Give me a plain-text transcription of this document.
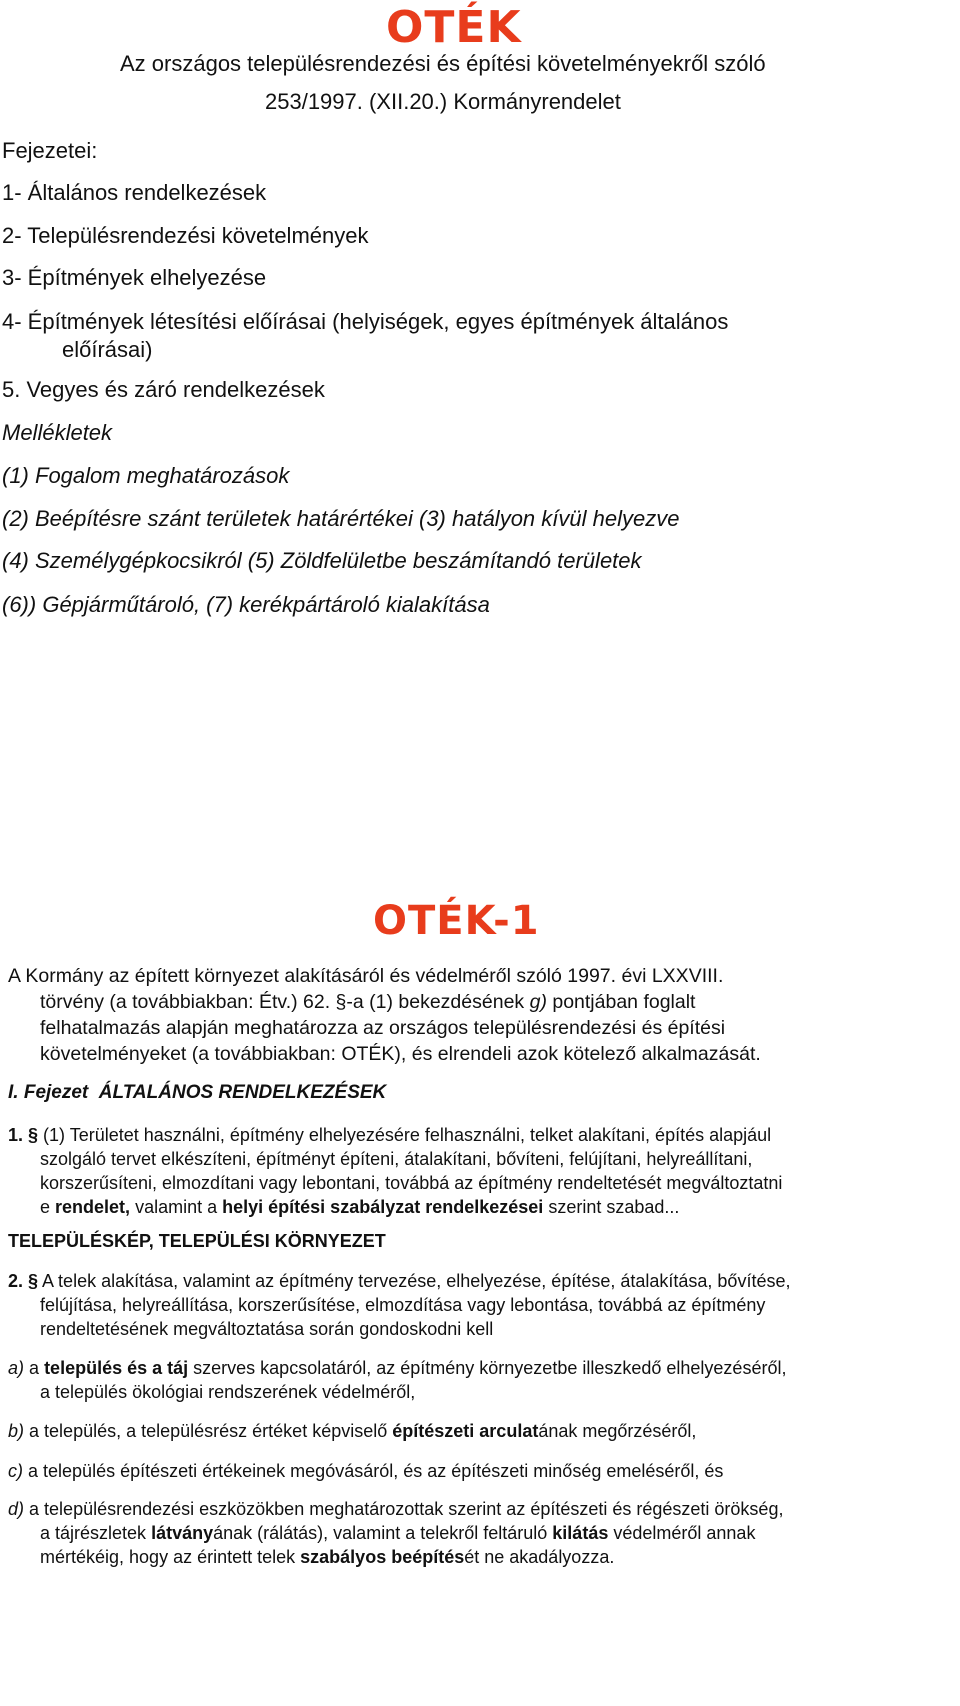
OTÉK
Az országos településrendezési és építési követelményekről szóló
253/1997. (XII.20.) Kormányrendelet
Fejezetei:
1- Általános rendelkezések
2- Településrendezési követelmények
3- Építmények elhelyezése
4- Építmények létesítési előírásai (helyiségek, egyes építmények általános
előírásai)
5. Vegyes és záró rendelkezések
Mellékletek
(1) Fogalom meghatározások
(2) Beépítésre szánt területek határértékei (3) hatályon kívül helyezve
(4) Személygépkocsikról (5) Zöldfelületbe beszámítandó területek
(6)) Gépjárműtároló, (7) kerékpártároló kialakítása
OTÉK-1
A Kormány az épített környezet alakításáról és védelméről szóló 1997. évi LXXVIII.
törvény (a továbbiakban: Étv.) 62. §-a (1) bekezdésének g) pontjában foglalt
felhatalmazás alapján meghatározza az országos településrendezési és építési
követelményeket (a továbbiakban: OTÉK), és elrendeli azok kötelező alkalmazását.
I. Fejezet  ÁLTALÁNOS RENDELKEZÉSEK
1. § (1) Területet használni, építmény elhelyezésére felhasználni, telket alakítani, építés alapjául
szolgáló tervet elkészíteni, építményt építeni, átalakítani, bővíteni, felújítani, helyreállítani,
korszerűsíteni, elmozdítani vagy lebontani, továbbá az építmény rendeltetését megváltoztatni
e rendelet, valamint a helyi építési szabályzat rendelkezései szerint szabad...
TELEPÜLÉSKÉP, TELEPÜLÉSI KÖRNYEZET
2. § A telek alakítása, valamint az építmény tervezése, elhelyezése, építése, átalakítása, bővítése,
felújítása, helyreállítása, korszerűsítése, elmozdítása vagy lebontása, továbbá az építmény
rendeltetésének megváltoztatása során gondoskodni kell
a) a település és a táj szerves kapcsolatáról, az építmény környezetbe illeszkedő elhelyezéséről,
a település ökológiai rendszerének védelméről,
b) a település, a településrész értéket képviselő építészeti arculatának megőrzéséről,
c) a település építészeti értékeinek megóvásáról, és az építészeti minőség emeléséről, és
d) a településrendezési eszközökben meghatározottak szerint az építészeti és régészeti örökség,
a tájrészletek látványának (rálátás), valamint a telekről feltáruló kilátás védelméről annak
mértékéig, hogy az érintett telek szabályos beépítését ne akadályozza.
